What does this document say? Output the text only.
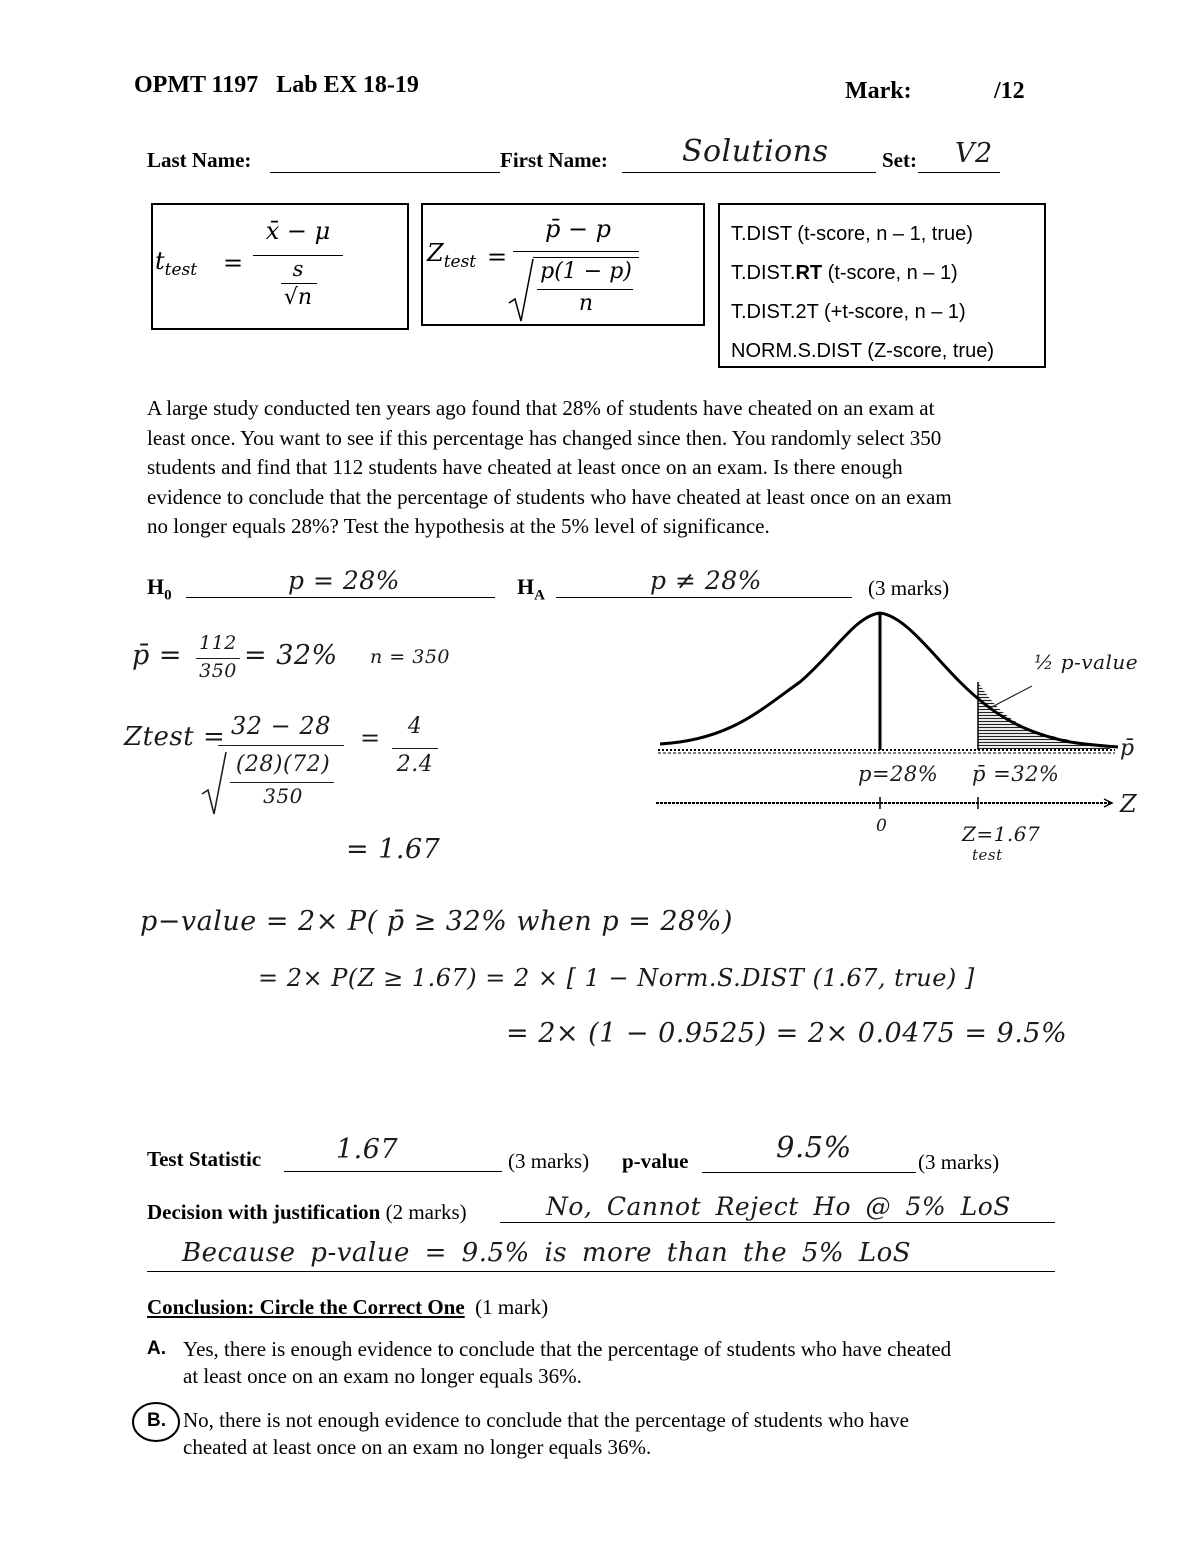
OPMT 1197 Lab EX 18-19	Mark:	/12
Last Name:	First Name: Solutions	Set: V2
$t_{test}$ =
x̄ − μ
s
√n
$Z_{test}$ =
p̄ − p
p(1 − p)
n
T.DIST (t-score, n – 1, true)
T.DIST.RT (t-score, n – 1)
T.DIST.2T (+t-score, n – 1)
NORM.S.DIST (Z-score, true)
A large study conducted ten years ago found that 28% of students have cheated on an exam at
least once. You want to see if this percentage has changed since then. You randomly select 350
students and find that 112 students have cheated at least once on an exam. Is there enough
evidence to conclude that the percentage of students who have cheated at least once on an exam
no longer equals 28%? Test the hypothesis at the 5% level of significance.
$H_0$
p = 28%	$H_A$
p ≠ 28%	(3 marks)
p̄ = 112
350 = 32% n = 350
Ztest = 32 − 28
(28)(72)
350
=	4
2.4
= 1.67
½ p-value
p̄
Z
p=28% p̄ =32%
0	Z=1.67
test
p−value = 2× P( p̄ ≥ 32% when p = 28%)
= 2× P(Z ≥ 1.67) = 2 × [ 1 − Norm.S.DIST (1.67, true) ]
= 2× (1 − 0.9525) = 2× 0.0475 = 9.5%
Test Statistic	1.67	(3 marks) p-value	9.5%	(3 marks)
Decision with justification (2 marks)	No, Cannot Reject Ho @ 5% LoS
Because p-value = 9.5% is more than the 5% LoS
Conclusion: Circle the Correct One (1 mark)
A. Yes, there is enough evidence to conclude that the percentage of students who have cheated
at least once on an exam no longer equals 36%.
B. No, there is not enough evidence to conclude that the percentage of students who have
cheated at least once on an exam no longer equals 36%.
